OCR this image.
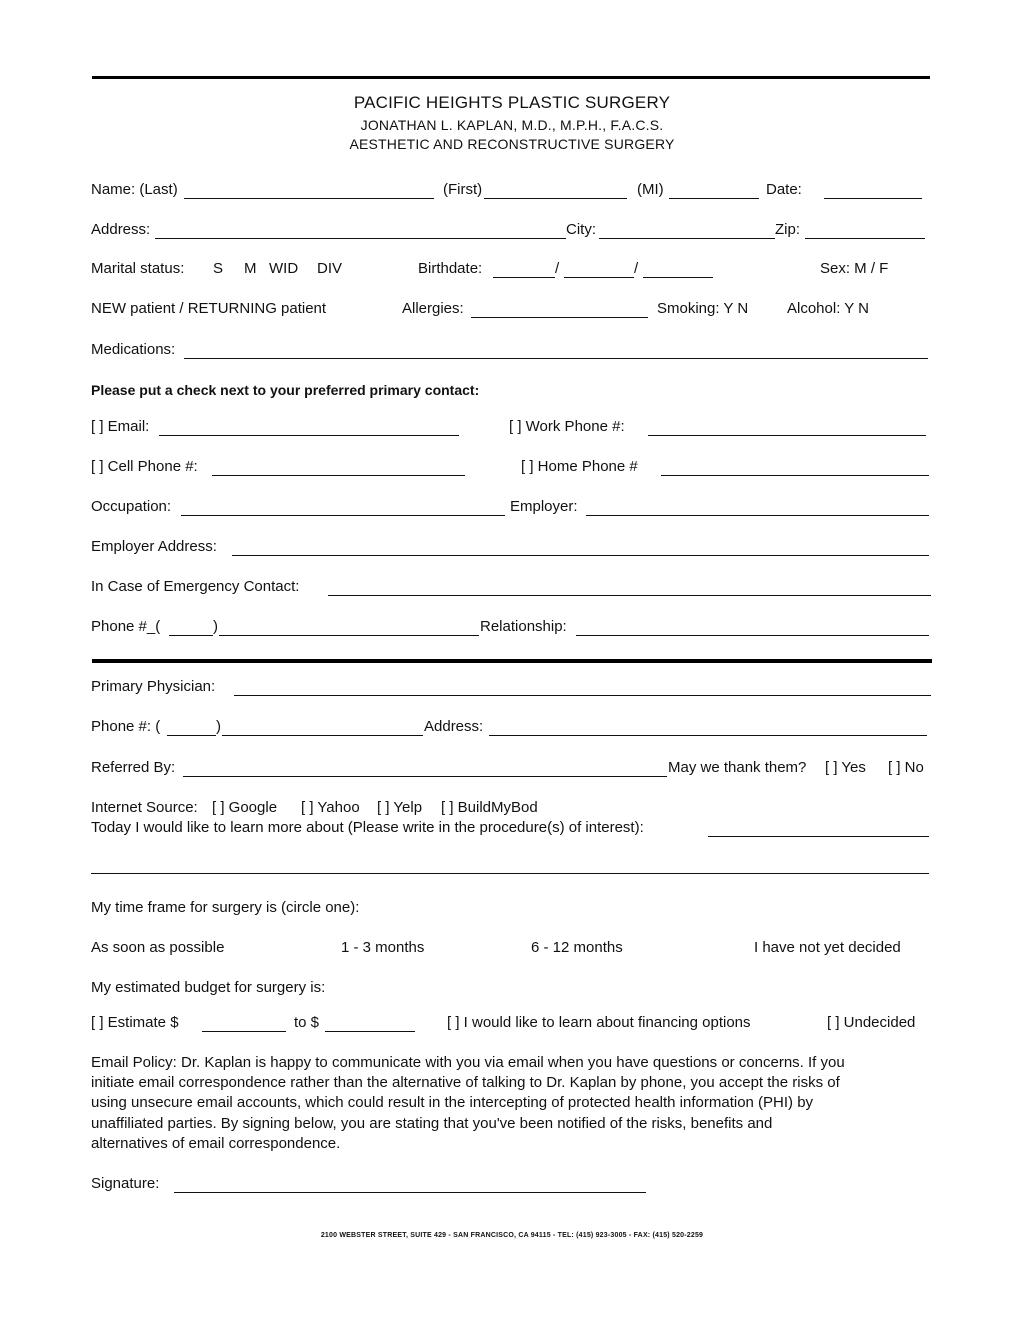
PACIFIC HEIGHTS PLASTIC SURGERY
JONATHAN L. KAPLAN, M.D., M.P.H., F.A.C.S.
AESTHETIC AND RECONSTRUCTIVE SURGERY
Name: (Last)	(First)	(MI)	Date:
Address:	City:	Zip:
Marital status: S M WID DIV	Birthdate:	/	/	Sex: M / F
NEW patient / RETURNING patient	Allergies:	Smoking: Y N	Alcohol: Y N
Medications:
Please put a check next to your preferred primary contact:
[ ] Email:	[ ] Work Phone #:
[ ] Cell Phone #:	[ ] Home Phone #
Occupation:	Employer:
Employer Address:
In Case of Emergency Contact:
Phone #_(	)	Relationship:
Primary Physician:
Phone #: (	)	Address:
Referred By:	May we thank them? [ ] Yes [ ] No
Internet Source: [ ] Google [ ] Yahoo [ ] Yelp [ ] BuildMyBod
Today I would like to learn more about (Please write in the procedure(s) of interest):
My time frame for surgery is (circle one):
As soon as possible	1 - 3 months	6 - 12 months	I have not yet decided
My estimated budget for surgery is:
[ ] Estimate $	to $	[ ] I would like to learn about financing options	[ ] Undecided

Email Policy: Dr. Kaplan is happy to communicate with you via email when you have questions or concerns. If you

initiate email correspondence rather than the alternative of talking to Dr. Kaplan by phone, you accept the risks of

using unsecure email accounts, which could result in the intercepting of protected health information (PHI) by

unaffiliated parties. By signing below, you are stating that you've been notified of the risks, benefits and

alternatives of email correspondence.

Signature:
2100 WEBSTER STREET, SUITE 429 - SAN FRANCISCO, CA 94115 - TEL: (415) 923-3005 - FAX: (415) 520-2259
